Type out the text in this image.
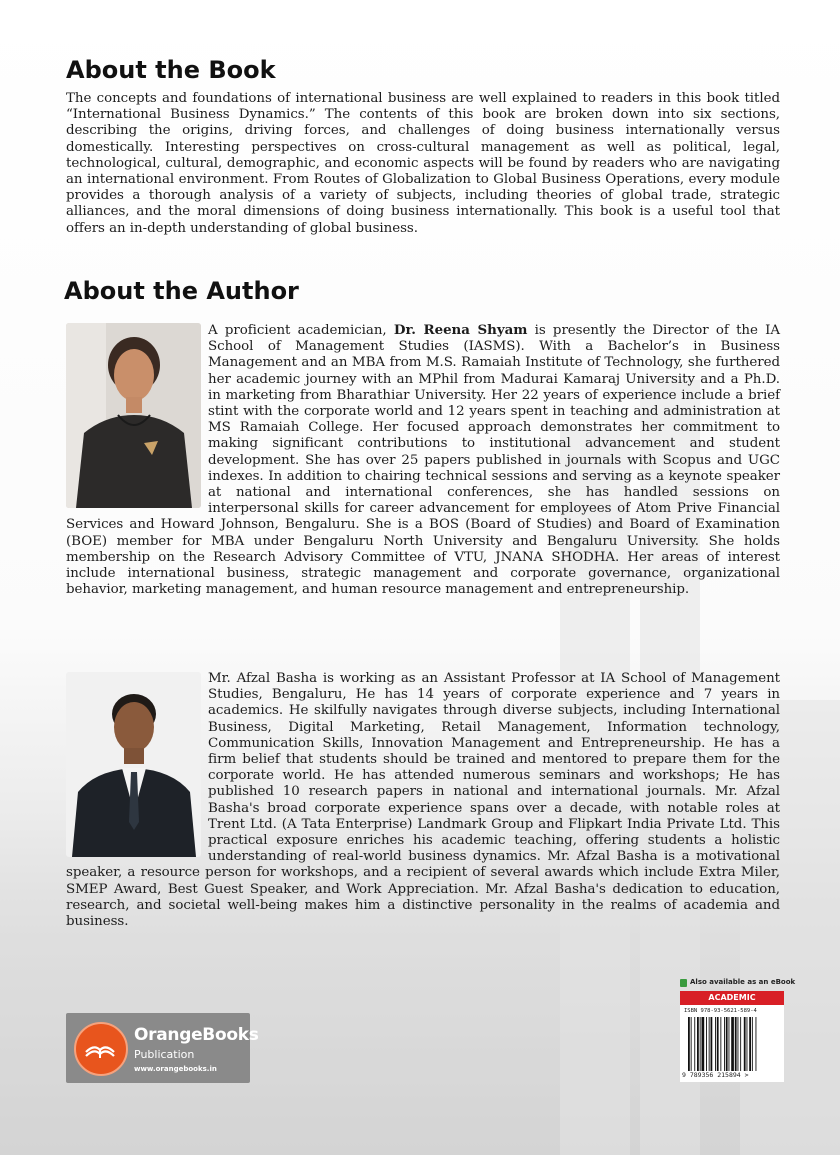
About the Book

The concepts and foundations of international business are well explained to readers in this book titled “International Business Dynamics.” The contents of this book are broken down into six sections, describing the origins, driving forces, and challenges of doing business internationally versus domestically. Interesting perspectives on cross-cultural management as well as political, legal, technological, cultural, demographic, and economic aspects will be found by readers who are navigating an international environment. From Routes of Globalization to Global Business Operations, every module provides a thorough analysis of a variety of subjects, including theories of global trade, strategic alliances, and the moral dimensions of doing business internationally. This book is a useful tool that offers an in-depth understanding of global business.

About the Author
A proficient academician, Dr. Reena Shyam is presently the Director of the IA School of Management Studies (IASMS). With a Bachelor’s in Business Management and an MBA from M.S. Ramaiah Institute of Technology, she furthered her academic journey with an MPhil from Madurai Kamaraj University and a Ph.D. in marketing from Bharathiar University. Her 22 years of experience include a brief stint with the corporate world and 12 years spent in teaching and administration at MS Ramaiah College. Her focused approach demonstrates her commitment to making significant contributions to institutional advancement and student development. She has over 25 papers published in journals with Scopus and UGC indexes. In addition to chairing technical sessions and serving as a keynote speaker at national and international conferences, she has handled sessions on interpersonal skills for career advancement for employees of Atom Prive Financial Services and Howard Johnson, Bengaluru. She is a BOS (Board of Studies) and Board of Examination (BOE) member for MBA under Bengaluru North University and Bengaluru University. She holds membership on the Research Advisory Committee of VTU, JNANA SHODHA. Her areas of interest include international business, strategic management and corporate governance, organizational behavior, marketing management, and human resource management and entrepreneurship.
Mr. Afzal Basha is working as an Assistant Professor at IA School of Management Studies, Bengaluru, He has 14 years of corporate experience and 7 years in academics. He skilfully navigates through diverse subjects, including International Business, Digital Marketing, Retail Management, Information technology, Communication Skills, Innovation Management and Entrepreneurship. He has a firm belief that students should be trained and mentored to prepare them for the corporate world. He has attended numerous seminars and workshops; He has published 10 research papers in national and international journals. Mr. Afzal Basha's broad corporate experience spans over a decade, with notable roles at Trent Ltd. (A Tata Enterprise) Landmark Group and Flipkart India Private Ltd. This practical exposure enriches his academic teaching, offering students a holistic understanding of real-world business dynamics. Mr. Afzal Basha is a motivational speaker, a resource person for workshops, and a recipient of several awards which include Extra Miler, SMEP Award, Best Guest Speaker, and Work Appreciation. Mr. Afzal Basha's dedication to education, research, and societal well-being makes him a distinctive personality in the realms of academia and business.
OrangeBooks
Publication
www.orangebooks.in
Also available as an eBook
ACADEMIC
ISBN 978-93-5621-589-4
9 789356 215894 >
